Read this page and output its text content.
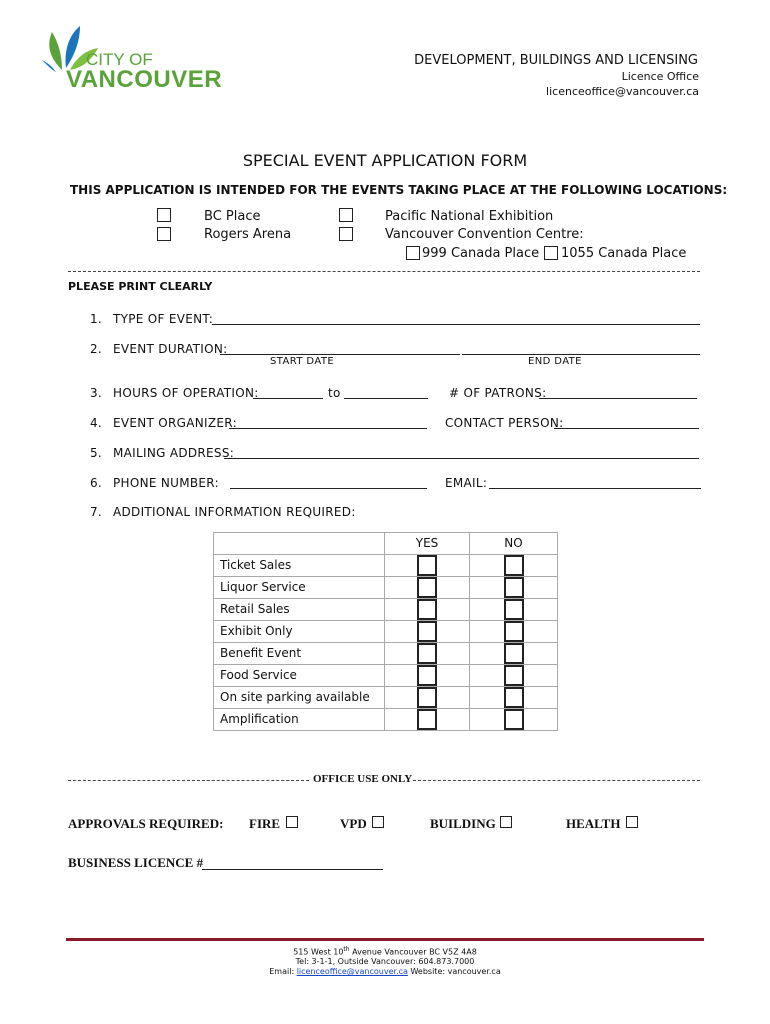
CITY OF
VANCOUVER
DEVELOPMENT, BUILDINGS AND LICENSING
Licence Office
licenceoffice@vancouver.ca
SPECIAL EVENT APPLICATION FORM
THIS APPLICATION IS INTENDED FOR THE EVENTS TAKING PLACE AT THE FOLLOWING LOCATIONS:
BC Place
Rogers Arena
Pacific National Exhibition
Vancouver Convention Centre:
999 Canada Place 1055 Canada Place
PLEASE PRINT CLEARLY
1. TYPE OF EVENT:
2. EVENT DURATION:
START DATE	END DATE
3. HOURS OF OPERATION:	to	# OF PATRONS:
4. EVENT ORGANIZER:	CONTACT PERSON:
5. MAILING ADDRESS:
6. PHONE NUMBER:	EMAIL:
7. ADDITIONAL INFORMATION REQUIRED:
	YES	NO
Ticket Sales		
Liquor Service		
Retail Sales		
Exhibit Only		
Benefit Event		
Food Service		
On site parking available		
Amplification		
OFFICE USE ONLY
APPROVALS REQUIRED: FIRE	VPD	BUILDING	HEALTH
BUSINESS LICENCE #
515 West 10th Avenue Vancouver BC V5Z 4A8
Tel: 3-1-1, Outside Vancouver: 604.873.7000
Email: licenceoffice@vancouver.ca Website: vancouver.ca
